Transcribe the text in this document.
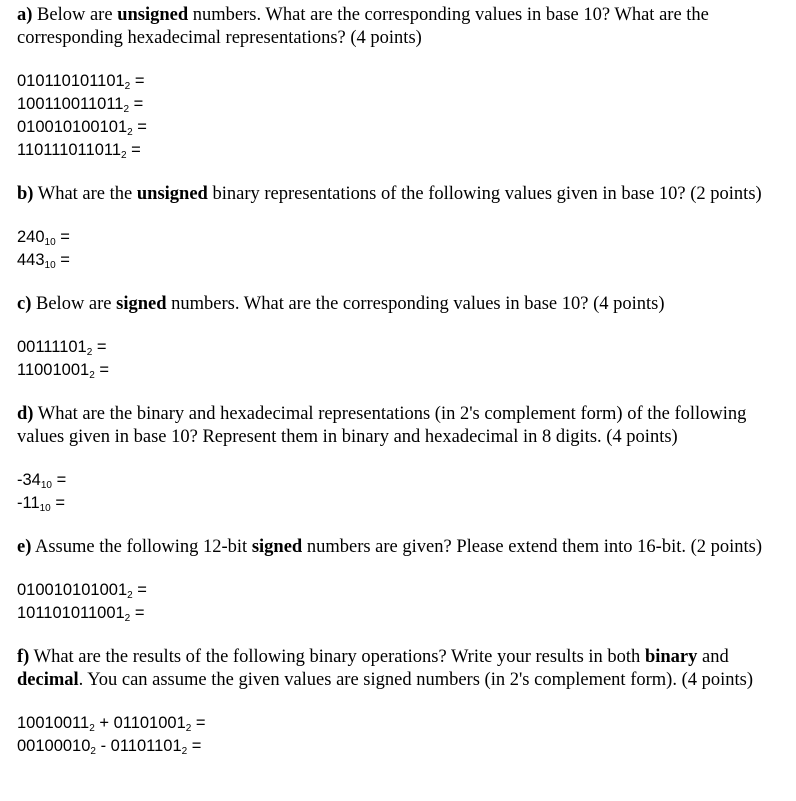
a) Below are unsigned numbers. What are the corresponding values in base 10? What are the corresponding hexadecimal representations? (4 points)

$010110101101_2$ =
$100110011011_2$ =
$010010100101_2$ =
$110111011011_2$ =

b) What are the unsigned binary representations of the following values given in base 10? (2 points)

$240_{10}$ =
$443_{10}$ =

c) Below are signed numbers. What are the corresponding values in base 10? (4 points)

$00111101_2$ =
$11001001_2$ =

d) What are the binary and hexadecimal representations (in 2's complement form) of the following values given in base 10? Represent them in binary and hexadecimal in 8 digits. (4 points)

$-34_{10}$ =
$-11_{10}$ =

e) Assume the following 12-bit signed numbers are given? Please extend them into 16-bit. (2 points)

$010010101001_2$ =
$101101011001_2$ =

f) What are the results of the following binary operations? Write your results in both binary and decimal. You can assume the given values are signed numbers (in 2's complement form). (4 points)

$10010011_2 + 01101001_2$ =
$00100010_2 - 01101101_2$ =
